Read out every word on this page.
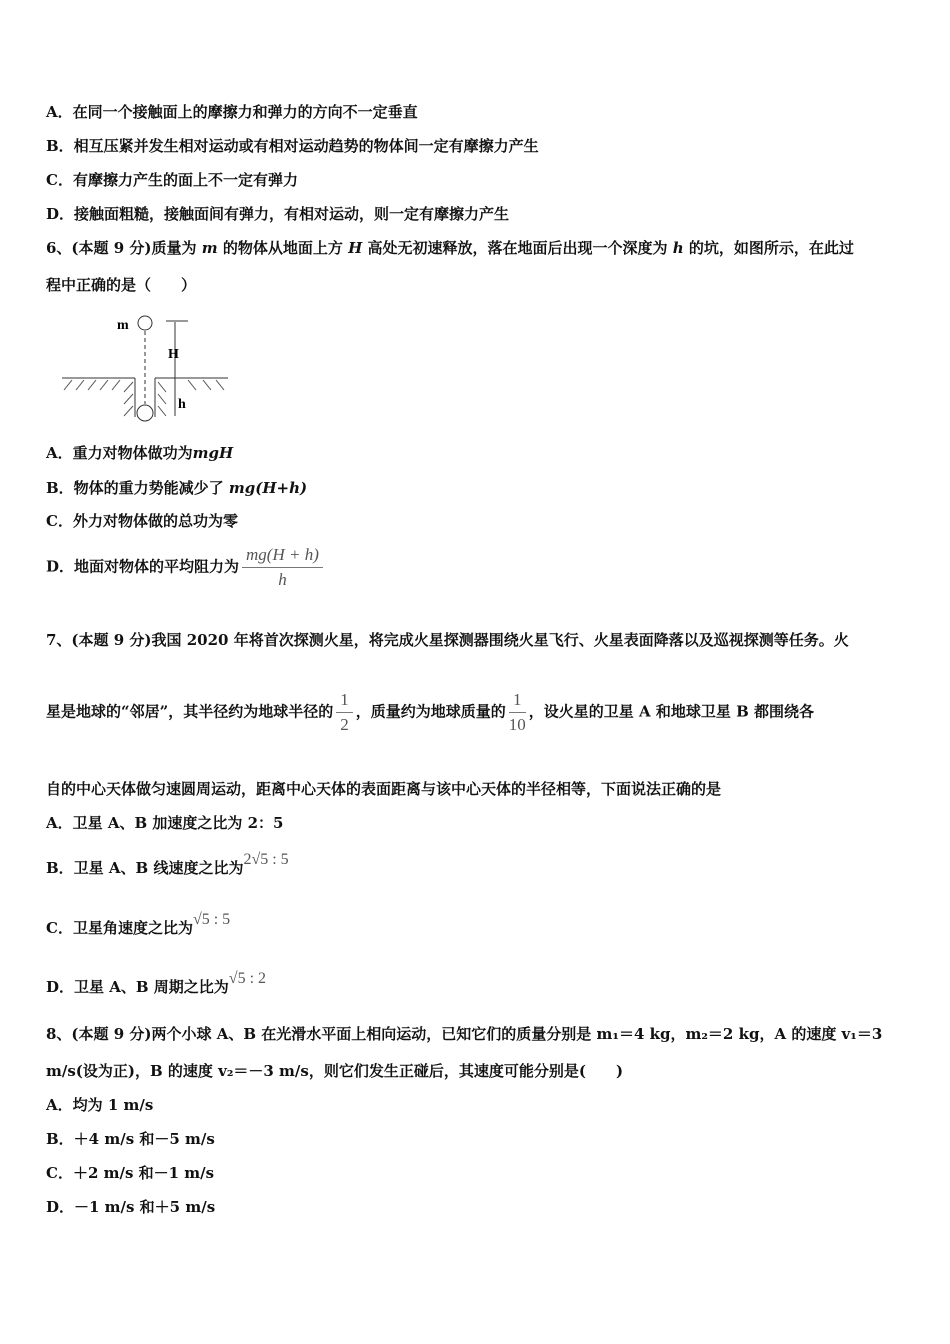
A．在同一个接触面上的摩擦力和弹力的方向不一定垂直
B．相互压紧并发生相对运动或有相对运动趋势的物体间一定有摩擦力产生
C．有摩擦力产生的面上不一定有弹力
D．接触面粗糙，接触面间有弹力，有相对运动，则一定有摩擦力产生
6、(本题 9 分)质量为 m 的物体从地面上方 H 高处无初速释放，落在地面后出现一个深度为 h 的坑，如图所示，在此过
程中正确的是（　　）
m
H
h
A．重力对物体做功为mgH
B．物体的重力势能减少了 mg(H+h)
C．外力对物体做的总功为零
D．地面对物体的平均阻力为 $\frac{mg(H + h)}{h}$
7、(本题 9 分)我国 2020 年将首次探测火星，将完成火星探测器围绕火星飞行、火星表面降落以及巡视探测等任务。火
星是地球的“邻居”，其半径约为地球半径的 $\frac{1}{2}$ ，质量约为地球质量的 $\frac{1}{10}$ ，设火星的卫星 A 和地球卫星 B 都围绕各
自的中心天体做匀速圆周运动，距离中心天体的表面距离与该中心天体的半径相等，下面说法正确的是
A．卫星 A、B 加速度之比为 2：5
B．卫星 A、B 线速度之比为2√5 : 5
C．卫星角速度之比为√5 : 5
D．卫星 A、B 周期之比为√5 : 2
8、(本题 9 分)两个小球 A、B 在光滑水平面上相向运动，已知它们的质量分别是 m₁＝4 kg，m₂＝2 kg，A 的速度 v₁＝3
m/s(设为正)，B 的速度 v₂＝－3 m/s，则它们发生正碰后，其速度可能分别是(　　)
A．均为 1 m/s
B．＋4 m/s 和－5 m/s
C．＋2 m/s 和－1 m/s
D．－1 m/s 和＋5 m/s
